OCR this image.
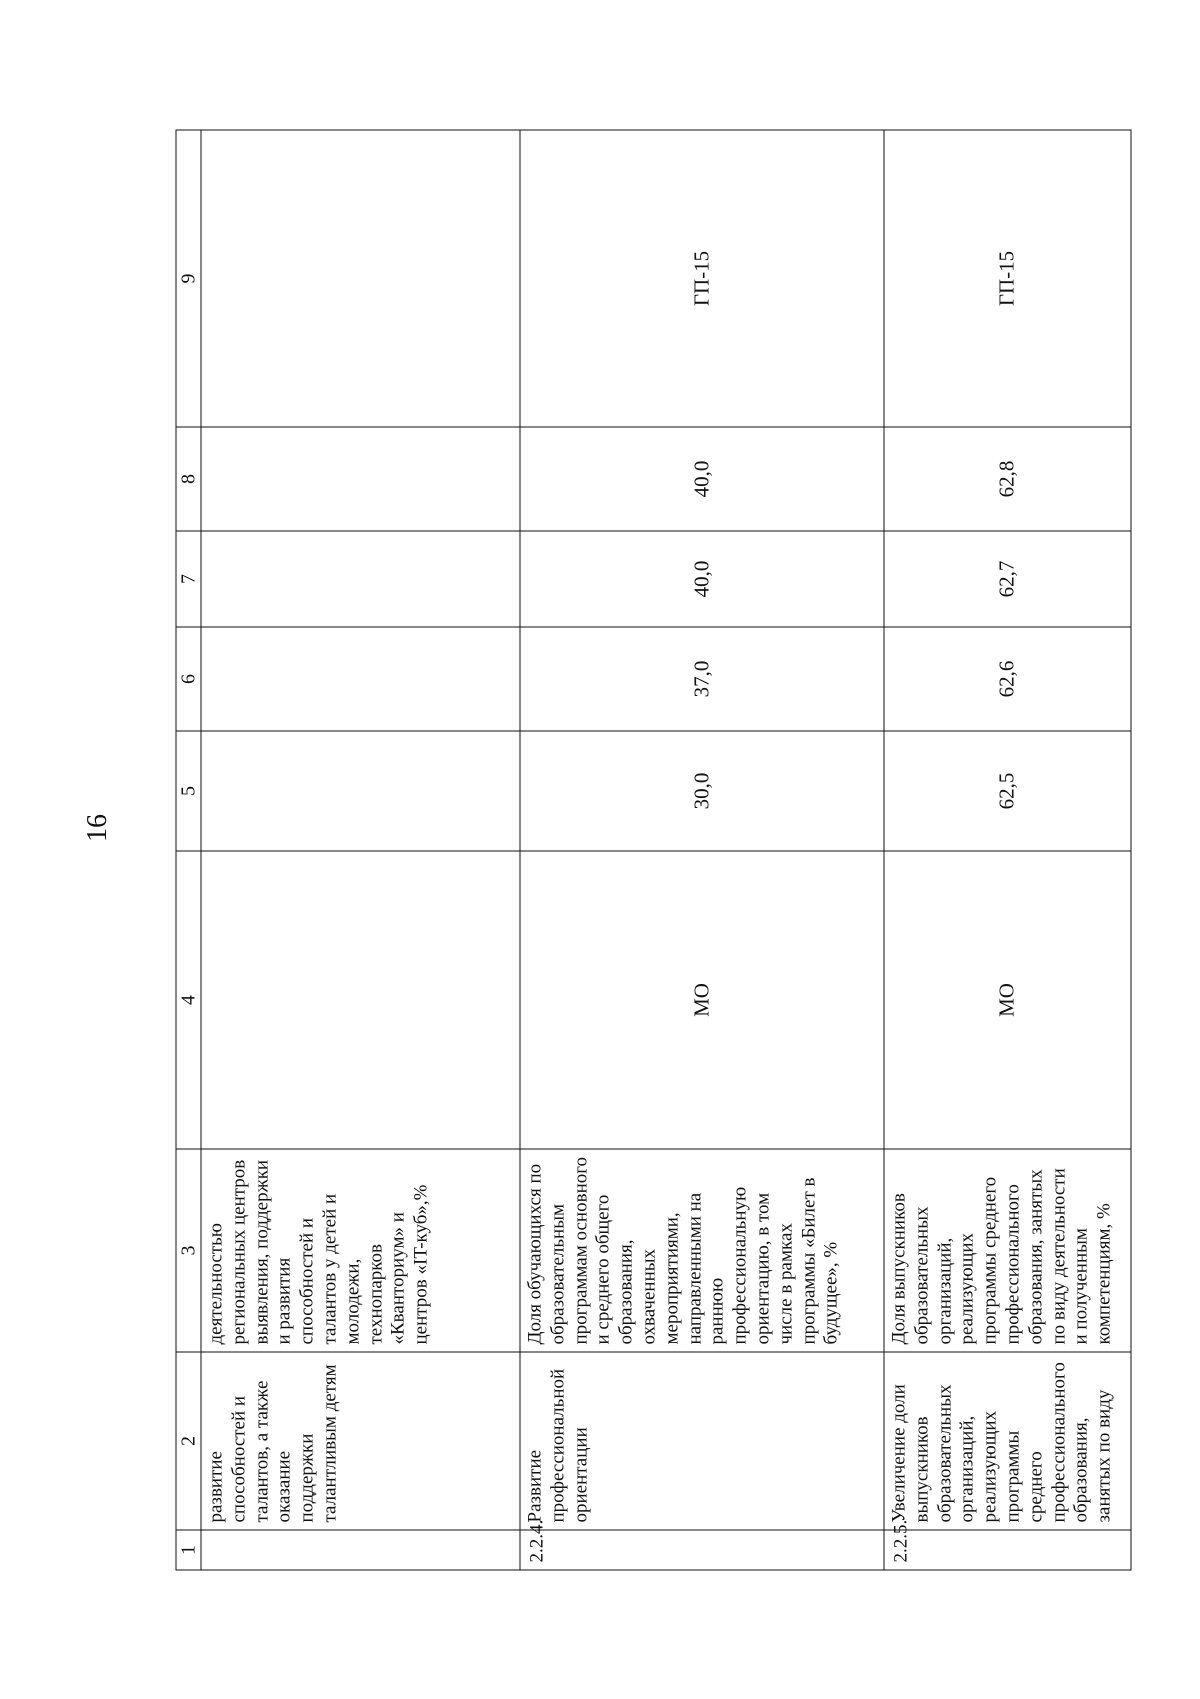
16
1	2	3	4	5	6	7	8	9
	развитие способностей и талантов, а также оказание поддержки талантливым детям	деятельностью региональных центров выявления, поддержки и развития способностей и талантов у детей и молодежи, технопарков «Кванториум» и центров «IT-куб»,%						
2.2.4.	Развитие профессиональной ориентации	Доля обучающихся по образовательным программам основного и среднего общего образования, охваченных мероприятиями, направленными на раннюю профессиональную ориентацию, в том числе в рамках программы «Билет в будущее», %	МО	30,0	37,0	40,0	40,0	ГП-15
2.2.5.	Увеличение доли выпускников образовательных организаций, реализующих программы среднего профессионального образования, занятых по виду	Доля выпускников образовательных организаций, реализующих программы среднего профессионального образования, занятых по виду деятельности и полученным компетенциям, %	МО	62,5	62,6	62,7	62,8	ГП-15
